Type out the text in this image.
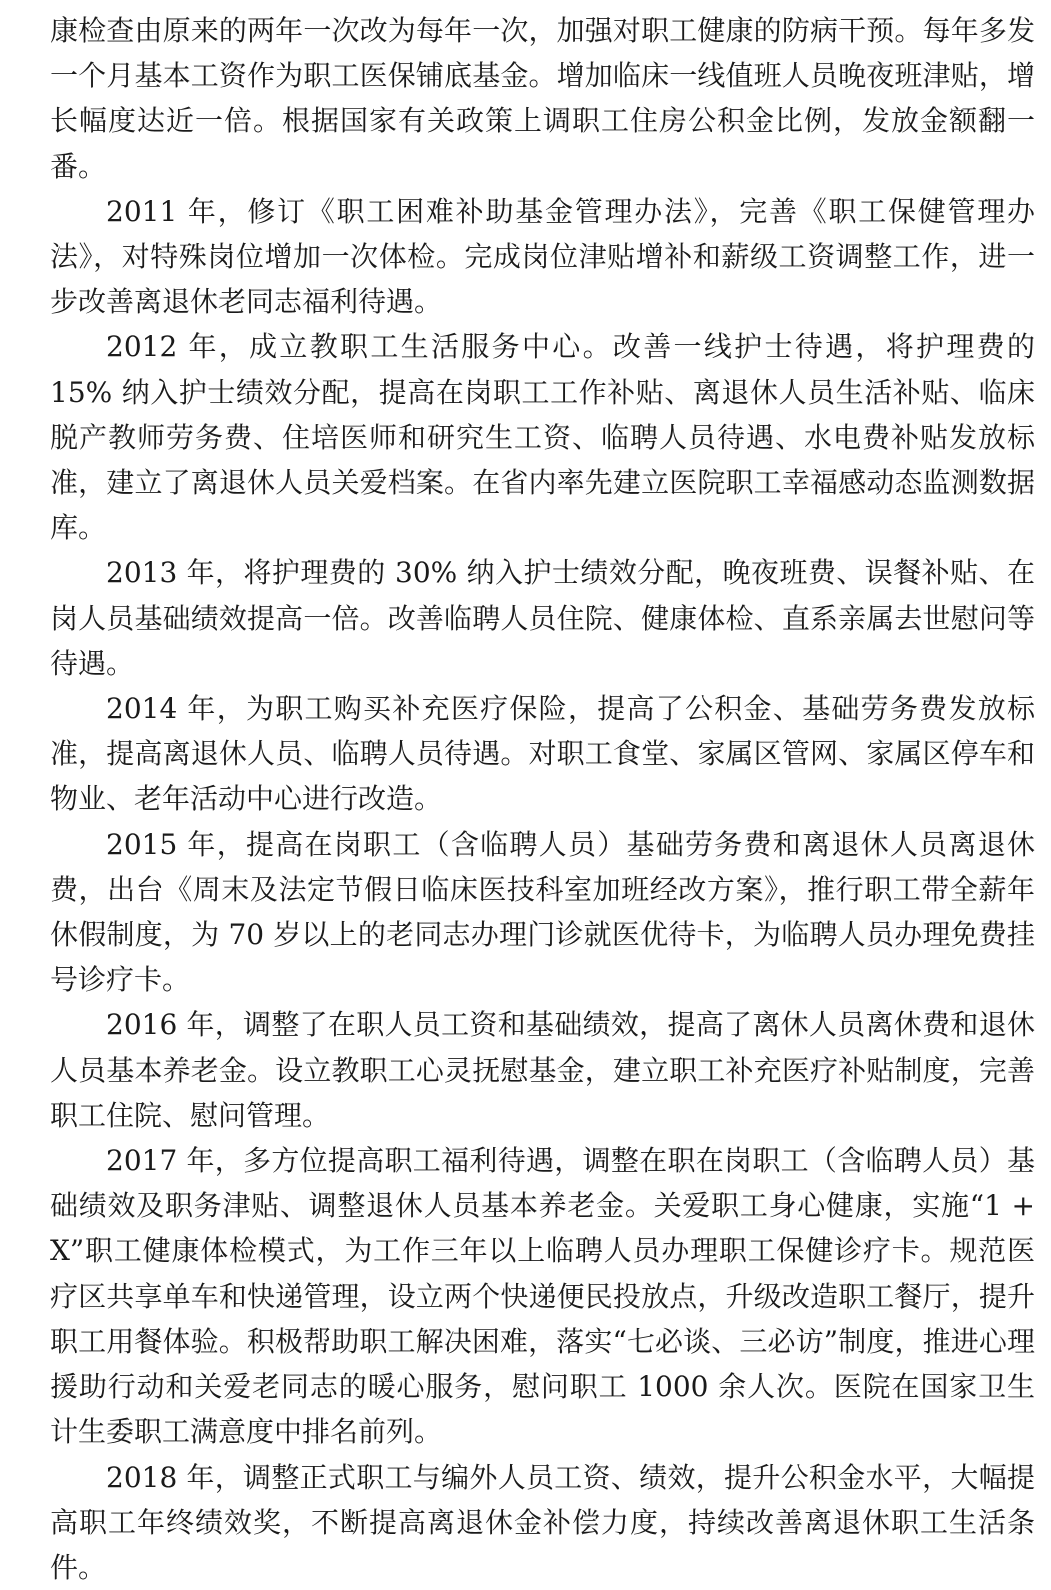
康检查由原来的两年一次改为每年一次，加强对职工健康的防病干预。每年多发一个月基本工资作为职工医保铺底基金。增加临床一线值班人员晚夜班津贴，增长幅度达近一倍。根据国家有关政策上调职工住房公积金比例，发放金额翻一番。

2011 年，修订《职工困难补助基金管理办法》，完善《职工保健管理办法》，对特殊岗位增加一次体检。完成岗位津贴增补和薪级工资调整工作，进一步改善离退休老同志福利待遇。

2012 年，成立教职工生活服务中心。改善一线护士待遇，将护理费的 15% 纳入护士绩效分配，提高在岗职工工作补贴、离退休人员生活补贴、临床脱产教师劳务费、住培医师和研究生工资、临聘人员待遇、水电费补贴发放标准，建立了离退休人员关爱档案。在省内率先建立医院职工幸福感动态监测数据库。

2013 年，将护理费的 30% 纳入护士绩效分配，晚夜班费、误餐补贴、在岗人员基础绩效提高一倍。改善临聘人员住院、健康体检、直系亲属去世慰问等待遇。

2014 年，为职工购买补充医疗保险，提高了公积金、基础劳务费发放标准，提高离退休人员、临聘人员待遇。对职工食堂、家属区管网、家属区停车和物业、老年活动中心进行改造。

2015 年，提高在岗职工（含临聘人员）基础劳务费和离退休人员离退休费，出台《周末及法定节假日临床医技科室加班经改方案》，推行职工带全薪年休假制度，为 70 岁以上的老同志办理门诊就医优待卡，为临聘人员办理免费挂号诊疗卡。

2016 年，调整了在职人员工资和基础绩效，提高了离休人员离休费和退休人员基本养老金。设立教职工心灵抚慰基金，建立职工补充医疗补贴制度，完善职工住院、慰问管理。

2017 年，多方位提高职工福利待遇，调整在职在岗职工（含临聘人员）基础绩效及职务津贴、调整退休人员基本养老金。关爱职工身心健康，实施“1 + X”职工健康体检模式，为工作三年以上临聘人员办理职工保健诊疗卡。规范医疗区共享单车和快递管理，设立两个快递便民投放点，升级改造职工餐厅，提升职工用餐体验。积极帮助职工解决困难，落实“七必谈、三必访”制度，推进心理援助行动和关爱老同志的暖心服务，慰问职工 1000 余人次。医院在国家卫生计生委职工满意度中排名前列。

2018 年，调整正式职工与编外人员工资、绩效，提升公积金水平，大幅提高职工年终绩效奖，不断提高离退休金补偿力度，持续改善离退休职工生活条件。
